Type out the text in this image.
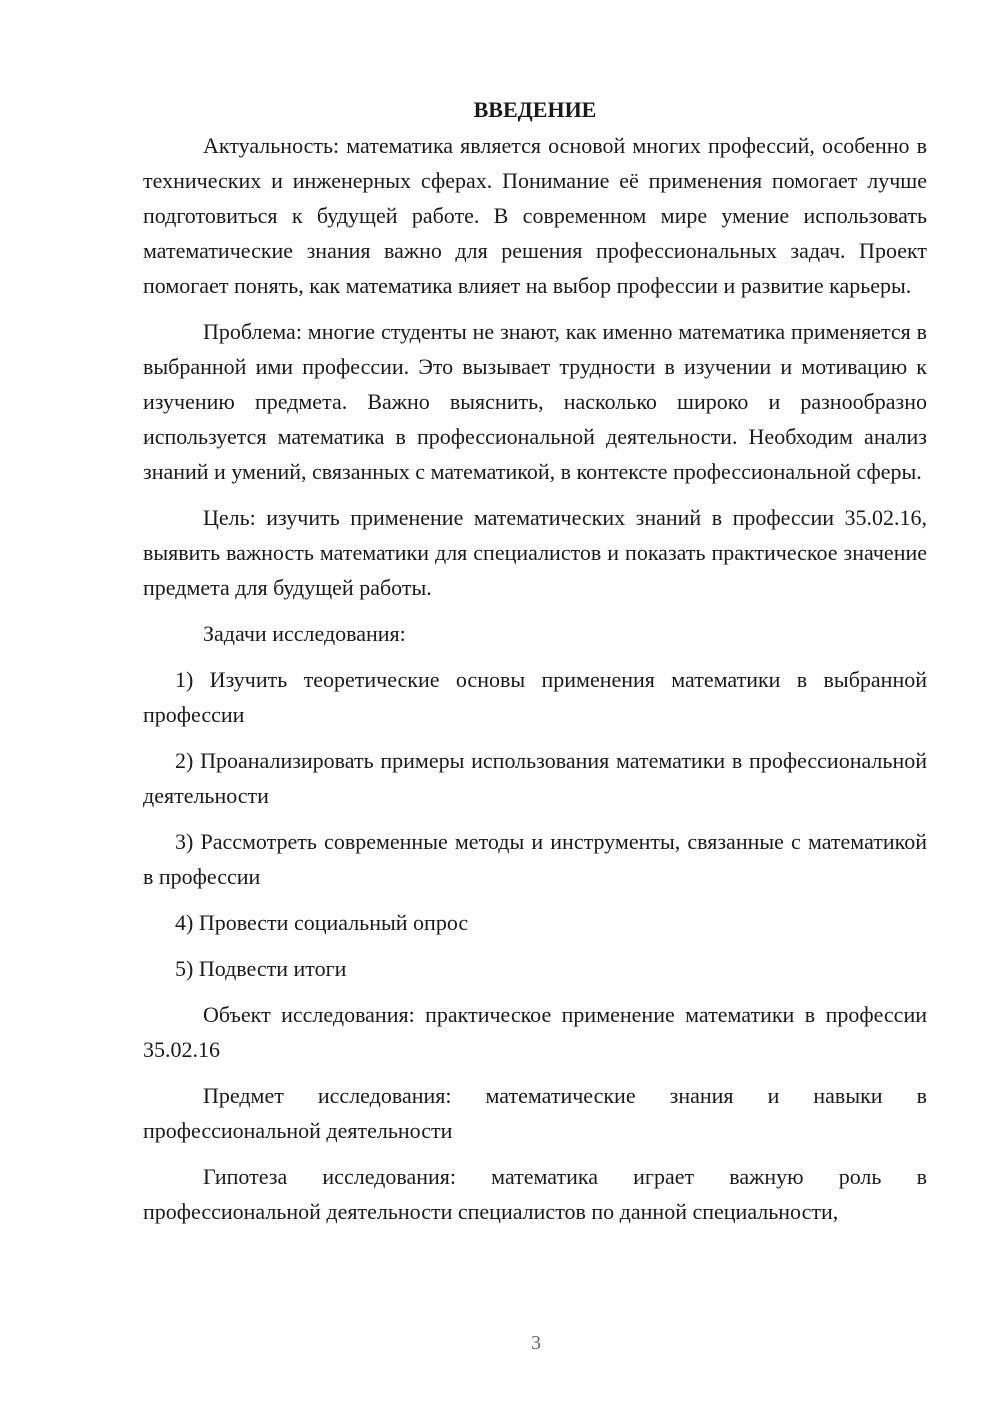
ВВЕДЕНИЕ

Актуальность: математика является основой многих профессий, особенно в технических и инженерных сферах. Понимание её применения помогает лучше подготовиться к будущей работе. В современном мире умение использовать математические знания важно для решения профессиональных задач. Проект помогает понять, как математика влияет на выбор профессии и развитие карьеры.

Проблема: многие студенты не знают, как именно математика применяется в выбранной ими профессии. Это вызывает трудности в изучении и мотивацию к изучению предмета. Важно выяснить, насколько широко и разнообразно используется математика в профессиональной деятельности. Необходим анализ знаний и умений, связанных с математикой, в контексте профессиональной сферы.

Цель: изучить применение математических знаний в профессии 35.02.16, выявить важность математики для специалистов и показать практическое значение предмета для будущей работы.

Задачи исследования:

1) Изучить теоретические основы применения математики в выбранной профессии

2) Проанализировать примеры использования математики в профессиональной деятельности

3) Рассмотреть современные методы и инструменты, связанные с математикой в профессии

4) Провести социальный опрос

5) Подвести итоги

Объект исследования: практическое применение математики в профессии 35.02.16

Предмет исследования: математические знания и навыки в профессиональной деятельности

Гипотеза исследования: математика играет важную роль в профессиональной деятельности специалистов по данной специальности,

3
